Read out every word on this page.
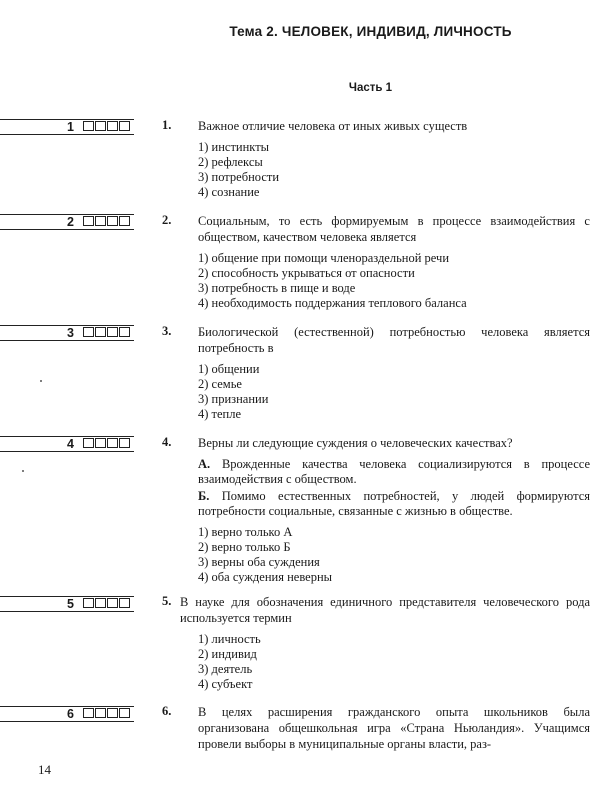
Тема 2. ЧЕЛОВЕК, ИНДИВИД, ЛИЧНОСТЬ
Часть 1
1
2
3
4
5
6
1. Важное отличие человека от иных живых существ
1) инстинкты
2) рефлексы
3) потребности
4) сознание
2. Социальным, то есть формируемым в процессе взаимодействия с обществом, качеством человека является
1) общение при помощи членораздельной речи
2) способность укрываться от опасности
3) потребность в пище и воде
4) необходимость поддержания теплового баланса
3. Биологической (естественной) потребностью человека является потребность в
1) общении
2) семье
3) признании
4) тепле
4. Верны ли следующие суждения о человеческих качествах?
А. Врожденные качества человека социализируются в процессе взаимодействия с обществом.
Б. Помимо естественных потребностей, у людей формируются потребности социальные, связанные с жизнью в обществе.
1) верно только А
2) верно только Б
3) верны оба суждения
4) оба суждения неверны
5. В науке для обозначения единичного представителя человеческого рода используется термин
1) личность
2) индивид
3) деятель
4) субъект
6. В целях расширения гражданского опыта школьников была организована общешкольная игра «Страна Ньюландия». Учащимся провели выборы в муниципальные органы власти, раз-
14
